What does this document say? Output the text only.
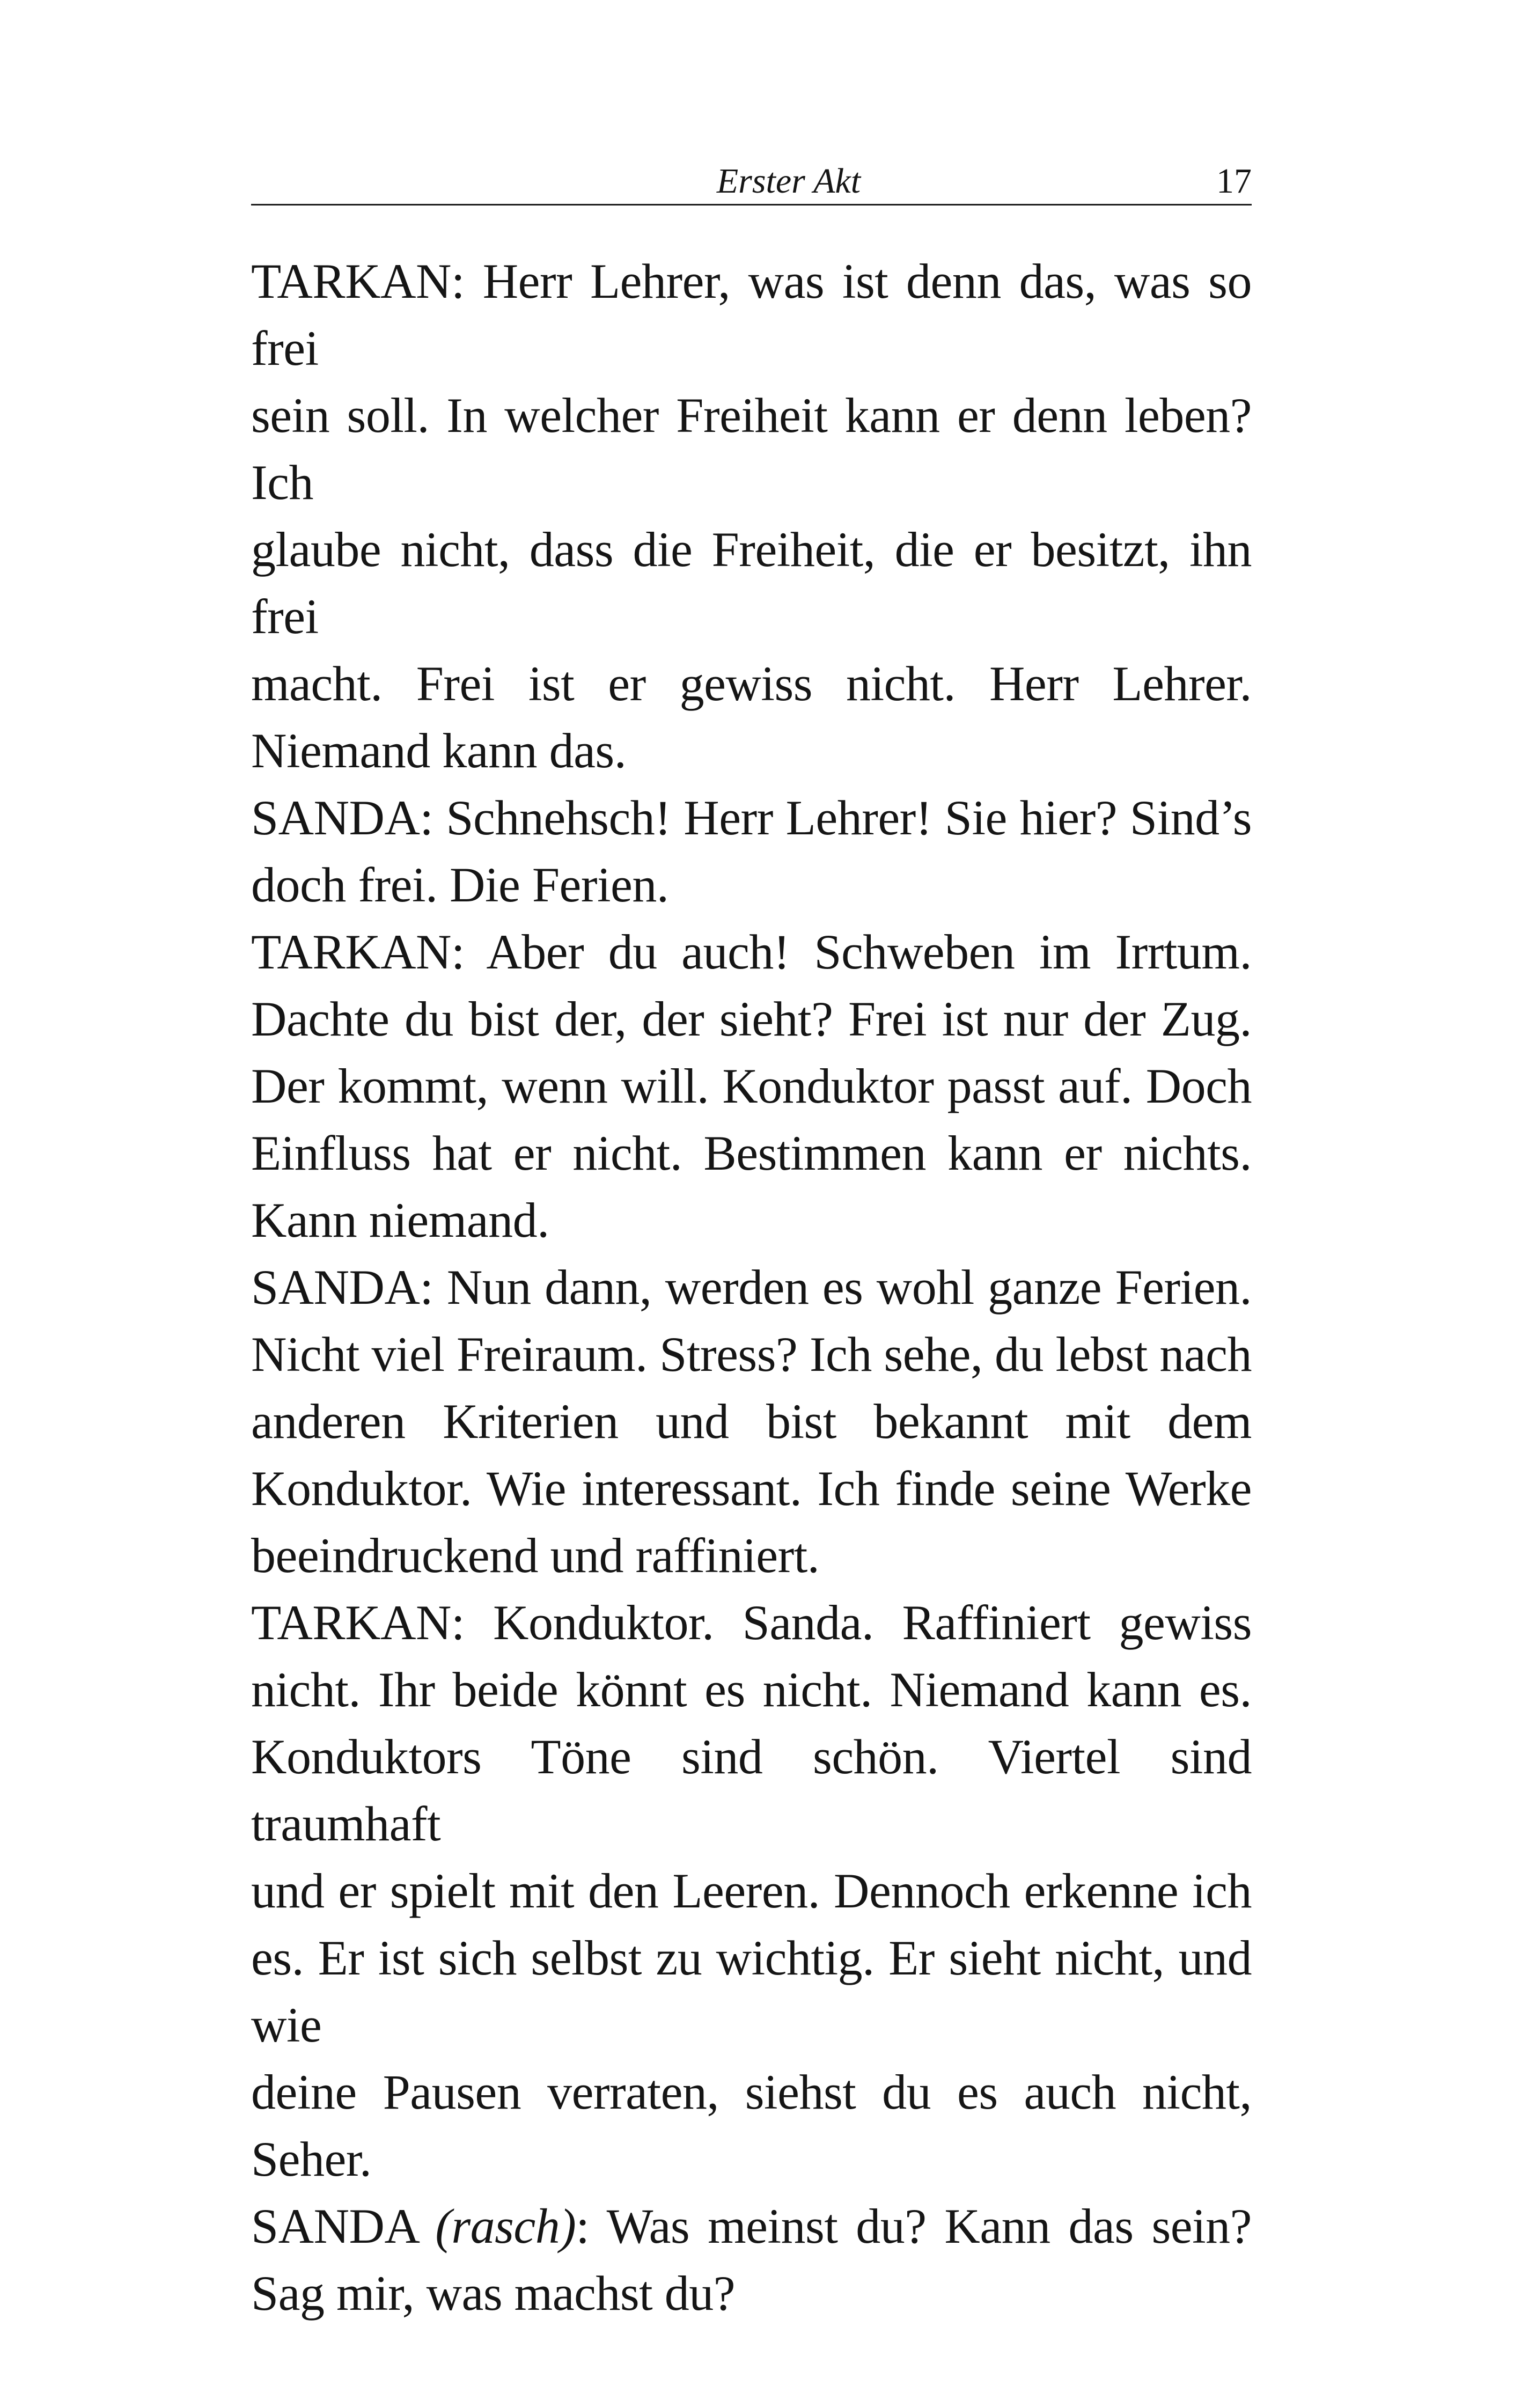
Erster Akt	17

TARKAN: Herr Lehrer, was ist denn das, was so frei

sein soll. In welcher Freiheit kann er denn leben? Ich

glaube nicht, dass die Freiheit, die er besitzt, ihn frei

macht. Frei ist er gewiss nicht. Herr Lehrer.

Niemand kann das.

SANDA: Schnehsch! Herr Lehrer! Sie hier? Sind’s

doch frei. Die Ferien.

TARKAN: Aber du auch! Schweben im Irrtum.

Dachte du bist der, der sieht? Frei ist nur der Zug.

Der kommt, wenn will. Konduktor passt auf. Doch

Einfluss hat er nicht. Bestimmen kann er nichts.

Kann niemand.

SANDA: Nun dann, werden es wohl ganze Ferien.

Nicht viel Freiraum. Stress? Ich sehe, du lebst nach

anderen Kriterien und bist bekannt mit dem

Konduktor. Wie interessant. Ich finde seine Werke

beeindruckend und raffiniert.

TARKAN: Konduktor. Sanda. Raffiniert gewiss

nicht. Ihr beide könnt es nicht. Niemand kann es.

Konduktors Töne sind schön. Viertel sind traumhaft

und er spielt mit den Leeren. Dennoch erkenne ich

es. Er ist sich selbst zu wichtig. Er sieht nicht, und wie

deine Pausen verraten, siehst du es auch nicht,

Seher.

SANDA (rasch): Was meinst du? Kann das sein?

Sag mir, was machst du?
